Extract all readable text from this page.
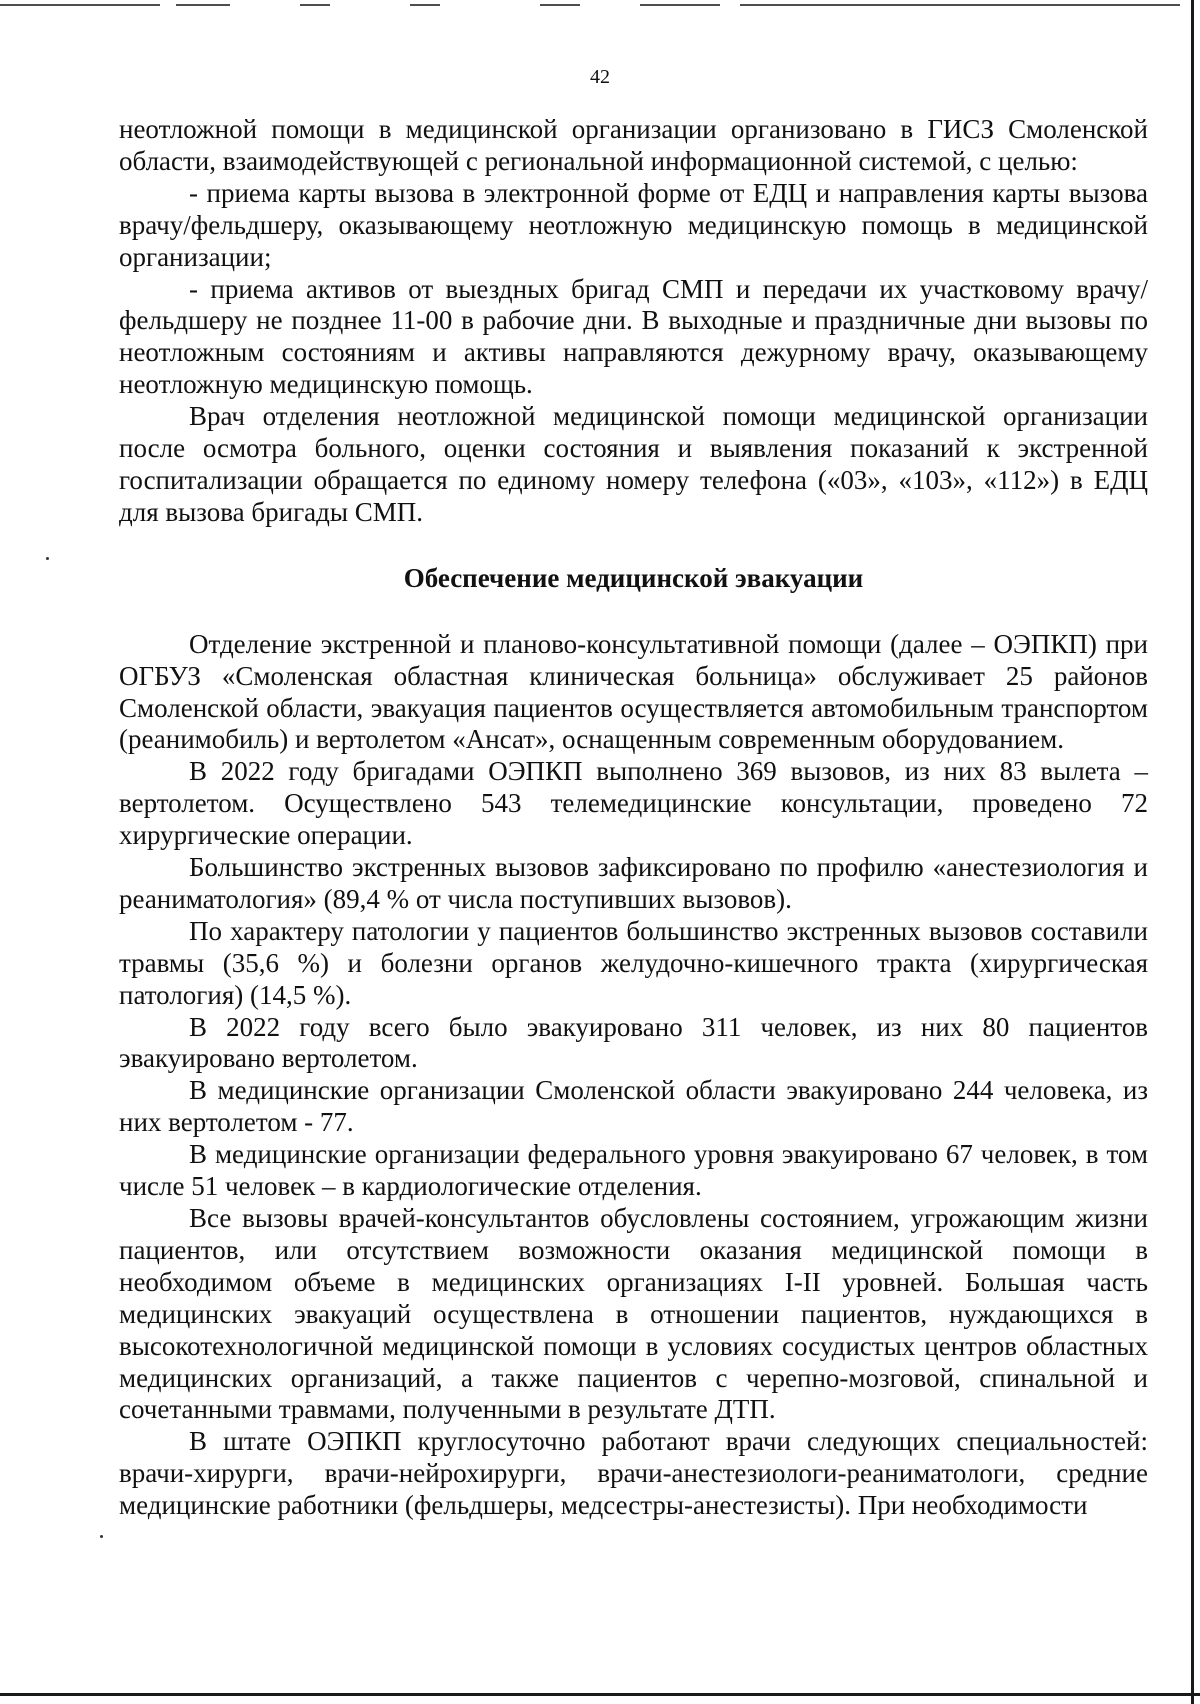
42

неотложной помощи в медицинской организации организовано в ГИСЗ Смоленской области, взаимодействующей с региональной информационной системой, с целью:

- приема карты вызова в электронной форме от ЕДЦ и направления карты вызова врачу/фельдшеру, оказывающему неотложную медицинскую помощь в медицинской организации;

- приема активов от выездных бригад СМП и передачи их участковому врачу/фельдшеру не позднее 11-00 в рабочие дни. В выходные и праздничные дни вызовы по неотложным состояниям и активы направляются дежурному врачу, оказывающему неотложную медицинскую помощь.

Врач отделения неотложной медицинской помощи медицинской организации после осмотра больного, оценки состояния и выявления показаний к экстренной госпитализации обращается по единому номеру телефона («03», «103», «112») в ЕДЦ для вызова бригады СМП.

Обеспечение медицинской эвакуации

Отделение экстренной и планово-консультативной помощи (далее – ОЭПКП) при ОГБУЗ «Смоленская областная клиническая больница» обслуживает 25 районов Смоленской области, эвакуация пациентов осуществляется автомобильным транспортом (реанимобиль) и вертолетом «Ансат», оснащенным современным оборудованием.

В 2022 году бригадами ОЭПКП выполнено 369 вызовов, из них 83 вылета – вертолетом. Осуществлено 543 телемедицинские консультации, проведено 72 хирургические операции.

Большинство экстренных вызовов зафиксировано по профилю «анестезиология и реаниматология» (89,4 % от числа поступивших вызовов).

По характеру патологии у пациентов большинство экстренных вызовов составили травмы (35,6 %) и болезни органов желудочно-кишечного тракта (хирургическая патология) (14,5 %).

В 2022 году всего было эвакуировано 311 человек, из них 80 пациентов эвакуировано вертолетом.

В медицинские организации Смоленской области эвакуировано 244 человека, из них вертолетом - 77.

В медицинские организации федерального уровня эвакуировано 67 человек, в том числе 51 человек – в кардиологические отделения.

Все вызовы врачей-консультантов обусловлены состоянием, угрожающим жизни пациентов, или отсутствием возможности оказания медицинской помощи в необходимом объеме в медицинских организациях I-II уровней. Большая часть медицинских эвакуаций осуществлена в отношении пациентов, нуждающихся в высокотехнологичной медицинской помощи в условиях сосудистых центров областных медицинских организаций, а также пациентов с черепно-мозговой, спинальной и сочетанными травмами, полученными в результате ДТП.

В штате ОЭПКП круглосуточно работают врачи следующих специальностей: врачи-хирурги, врачи-нейрохирурги, врачи-анестезиологи-реаниматологи, средние медицинские работники (фельдшеры, медсестры-анестезисты). При необходимости
